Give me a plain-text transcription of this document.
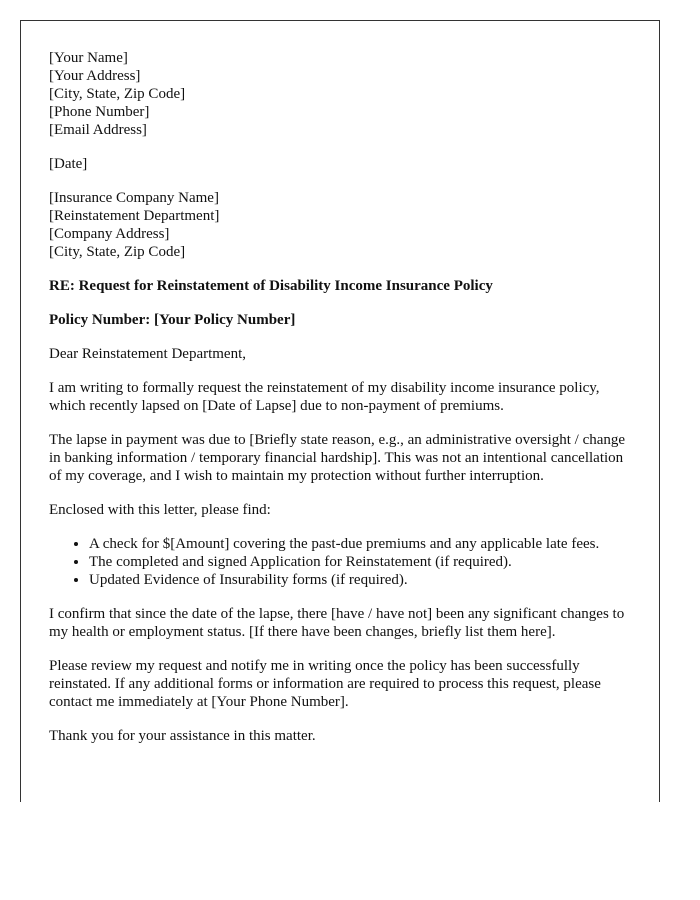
[Your Name]
[Your Address]
[City, State, Zip Code]
[Phone Number]
[Email Address]

[Date]

[Insurance Company Name]
[Reinstatement Department]
[Company Address]
[City, State, Zip Code]

RE: Request for Reinstatement of Disability Income Insurance Policy

Policy Number: [Your Policy Number]

Dear Reinstatement Department,

I am writing to formally request the reinstatement of my disability income insurance policy, which recently lapsed on [Date of Lapse] due to non-payment of premiums.

The lapse in payment was due to [Briefly state reason, e.g., an administrative oversight / change in banking information / temporary financial hardship]. This was not an intentional cancellation of my coverage, and I wish to maintain my protection without further interruption.

Enclosed with this letter, please find:

• A check for $[Amount] covering the past-due premiums and any applicable late fees.
• The completed and signed Application for Reinstatement (if required).
• Updated Evidence of Insurability forms (if required).

I confirm that since the date of the lapse, there [have / have not] been any significant changes to my health or employment status. [If there have been changes, briefly list them here].

Please review my request and notify me in writing once the policy has been successfully reinstated. If any additional forms or information are required to process this request, please contact me immediately at [Your Phone Number].

Thank you for your assistance in this matter.
